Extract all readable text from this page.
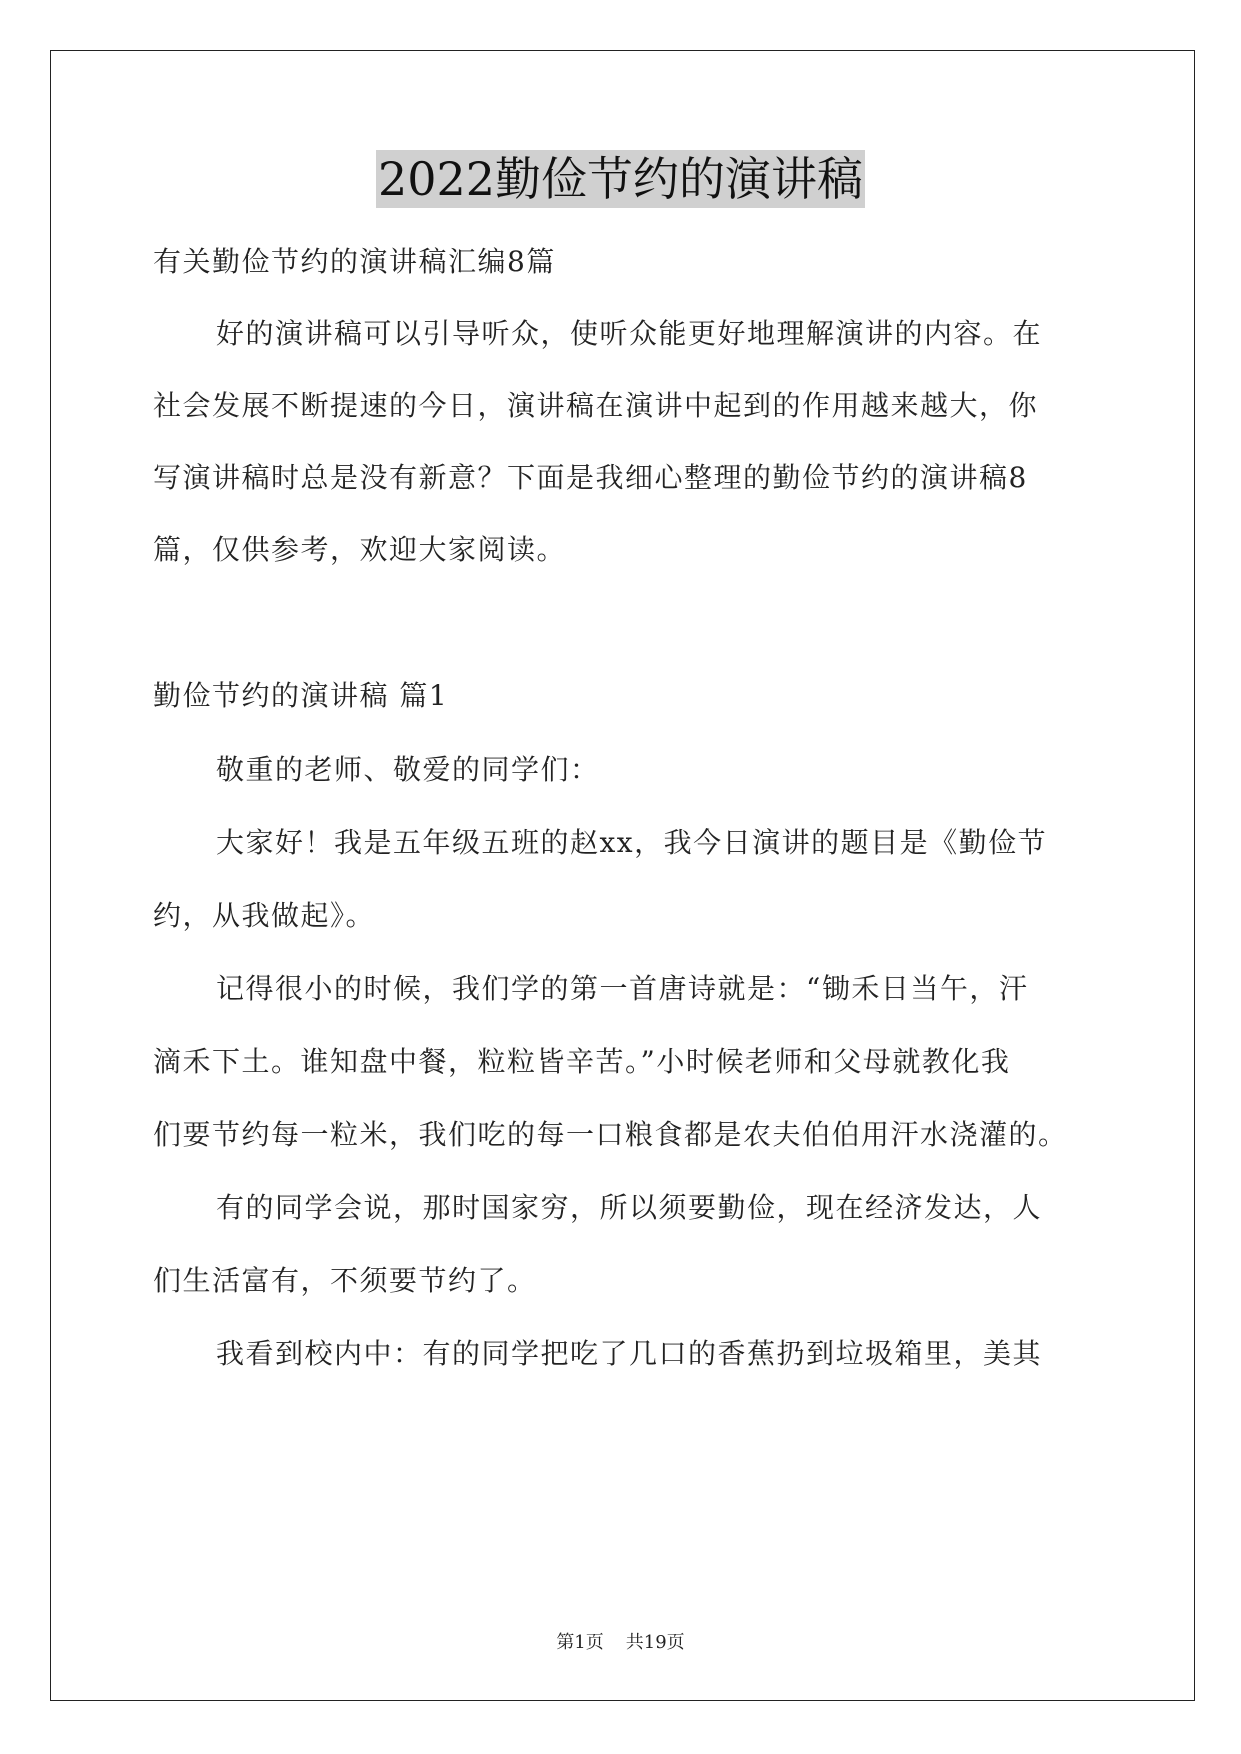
2022勤俭节约的演讲稿
有关勤俭节约的演讲稿汇编8篇
好的演讲稿可以引导听众，使听众能更好地理解演讲的内容。在
社会发展不断提速的今日，演讲稿在演讲中起到的作用越来越大，你
写演讲稿时总是没有新意？下面是我细心整理的勤俭节约的演讲稿8
篇，仅供参考，欢迎大家阅读。
勤俭节约的演讲稿 篇1
敬重的老师、敬爱的同学们：
大家好！我是五年级五班的赵xx，我今日演讲的题目是《勤俭节
约，从我做起》。
记得很小的时候，我们学的第一首唐诗就是：“锄禾日当午，汗
滴禾下土。谁知盘中餐，粒粒皆辛苦。”小时候老师和父母就教化我
们要节约每一粒米，我们吃的每一口粮食都是农夫伯伯用汗水浇灌的。
有的同学会说，那时国家穷，所以须要勤俭，现在经济发达，人
们生活富有，不须要节约了。
我看到校内中：有的同学把吃了几口的香蕉扔到垃圾箱里，美其
第1页 共19页
